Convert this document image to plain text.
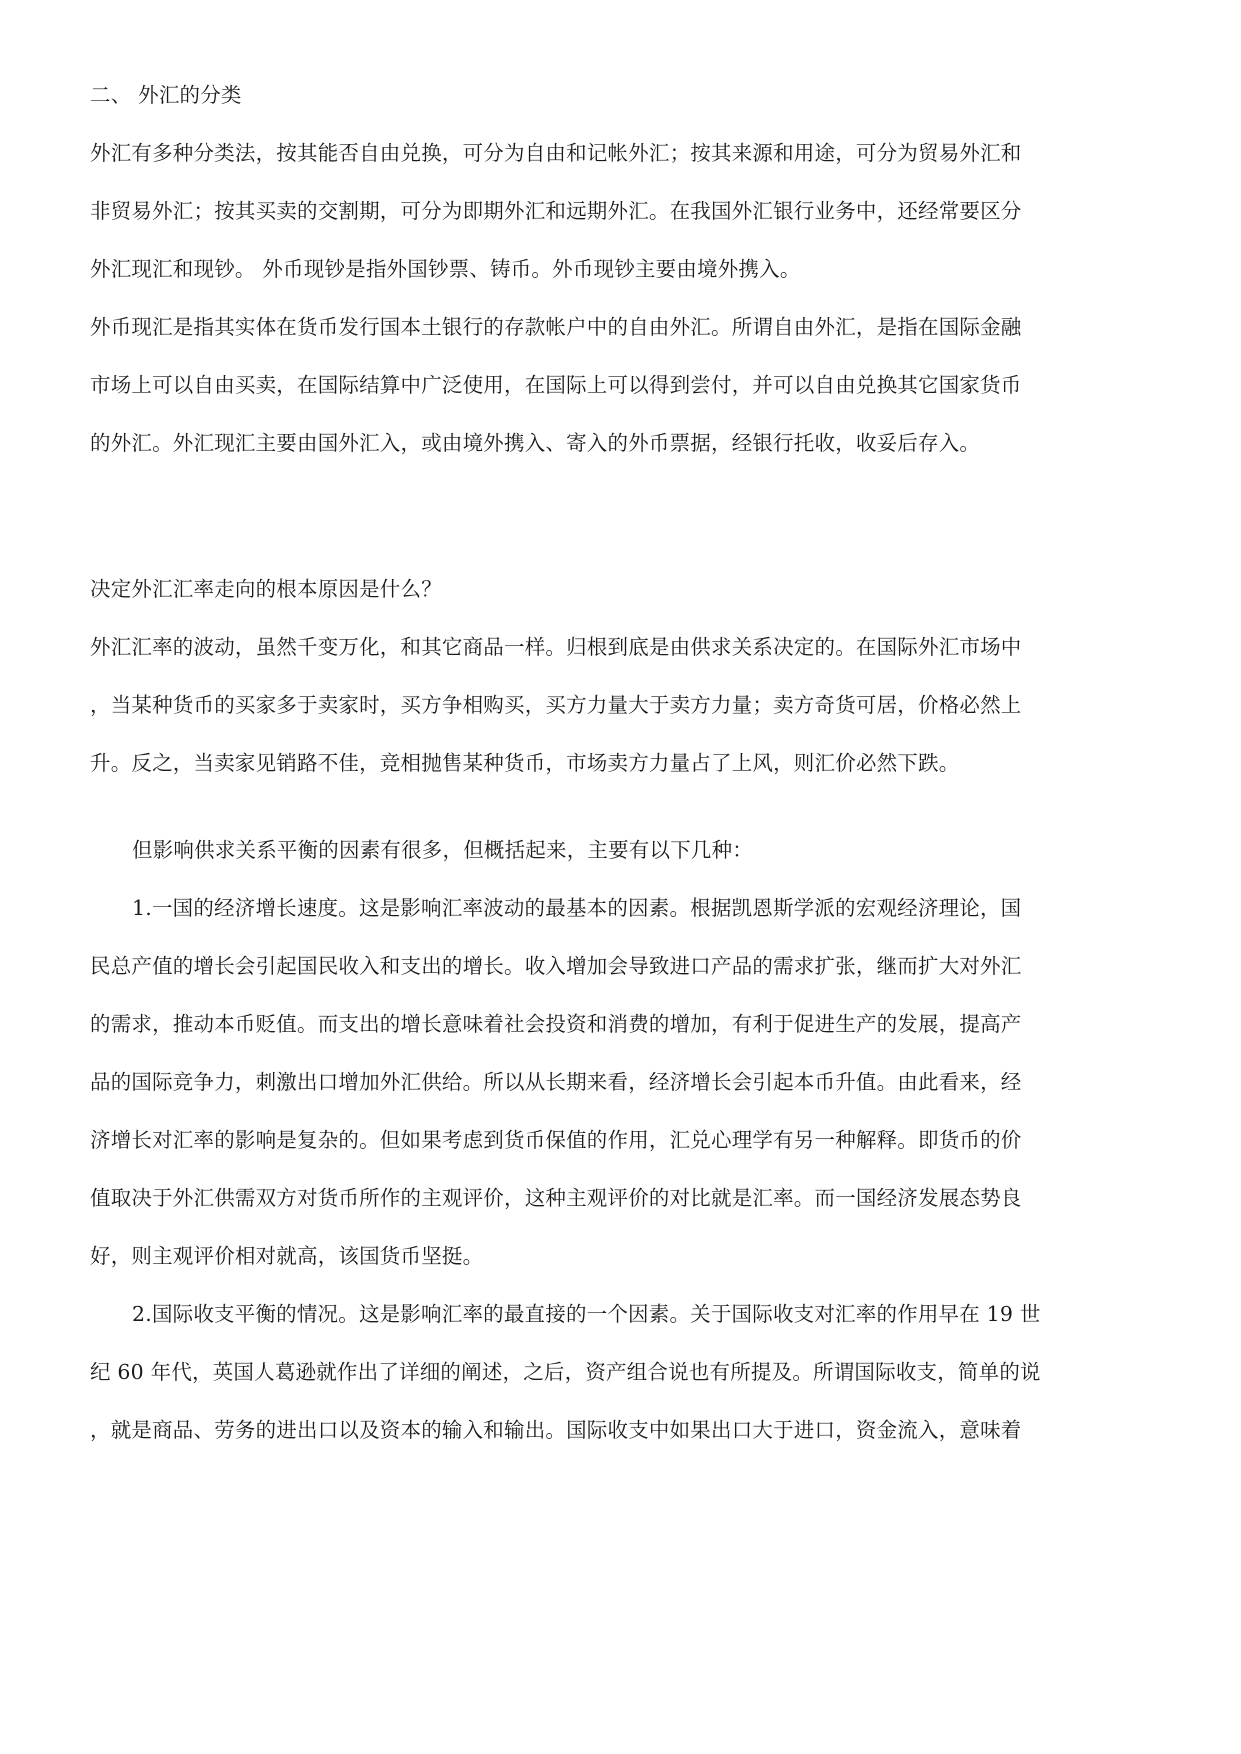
二、 外汇的分类
外汇有多种分类法，按其能否自由兑换，可分为自由和记帐外汇；按其来源和用途，可分为贸易外汇和
非贸易外汇；按其买卖的交割期，可分为即期外汇和远期外汇。在我国外汇银行业务中，还经常要区分
外汇现汇和现钞。 外币现钞是指外国钞票、铸币。外币现钞主要由境外携入。
外币现汇是指其实体在货币发行国本土银行的存款帐户中的自由外汇。所谓自由外汇，是指在国际金融
市场上可以自由买卖，在国际结算中广泛使用，在国际上可以得到尝付，并可以自由兑换其它国家货币
的外汇。外汇现汇主要由国外汇入，或由境外携入、寄入的外币票据，经银行托收，收妥后存入。
决定外汇汇率走向的根本原因是什么？
外汇汇率的波动，虽然千变万化，和其它商品一样。归根到底是由供求关系决定的。在国际外汇市场中
，当某种货币的买家多于卖家时，买方争相购买，买方力量大于卖方力量；卖方奇货可居，价格必然上
升。反之，当卖家见销路不佳，竞相抛售某种货币，市场卖方力量占了上风，则汇价必然下跌。
但影响供求关系平衡的因素有很多，但概括起来，主要有以下几种：
1.一国的经济增长速度。这是影响汇率波动的最基本的因素。根据凯恩斯学派的宏观经济理论，国
民总产值的增长会引起国民收入和支出的增长。收入增加会导致进口产品的需求扩张，继而扩大对外汇
的需求，推动本币贬值。而支出的增长意味着社会投资和消费的增加，有利于促进生产的发展，提高产
品的国际竞争力，刺激出口增加外汇供给。所以从长期来看，经济增长会引起本币升值。由此看来，经
济增长对汇率的影响是复杂的。但如果考虑到货币保值的作用，汇兑心理学有另一种解释。即货币的价
值取决于外汇供需双方对货币所作的主观评价，这种主观评价的对比就是汇率。而一国经济发展态势良
好，则主观评价相对就高，该国货币坚挺。
2.国际收支平衡的情况。这是影响汇率的最直接的一个因素。关于国际收支对汇率的作用早在 19 世
纪 60 年代，英国人葛逊就作出了详细的阐述，之后，资产组合说也有所提及。所谓国际收支，简单的说
，就是商品、劳务的进出口以及资本的输入和输出。国际收支中如果出口大于进口，资金流入，意味着
